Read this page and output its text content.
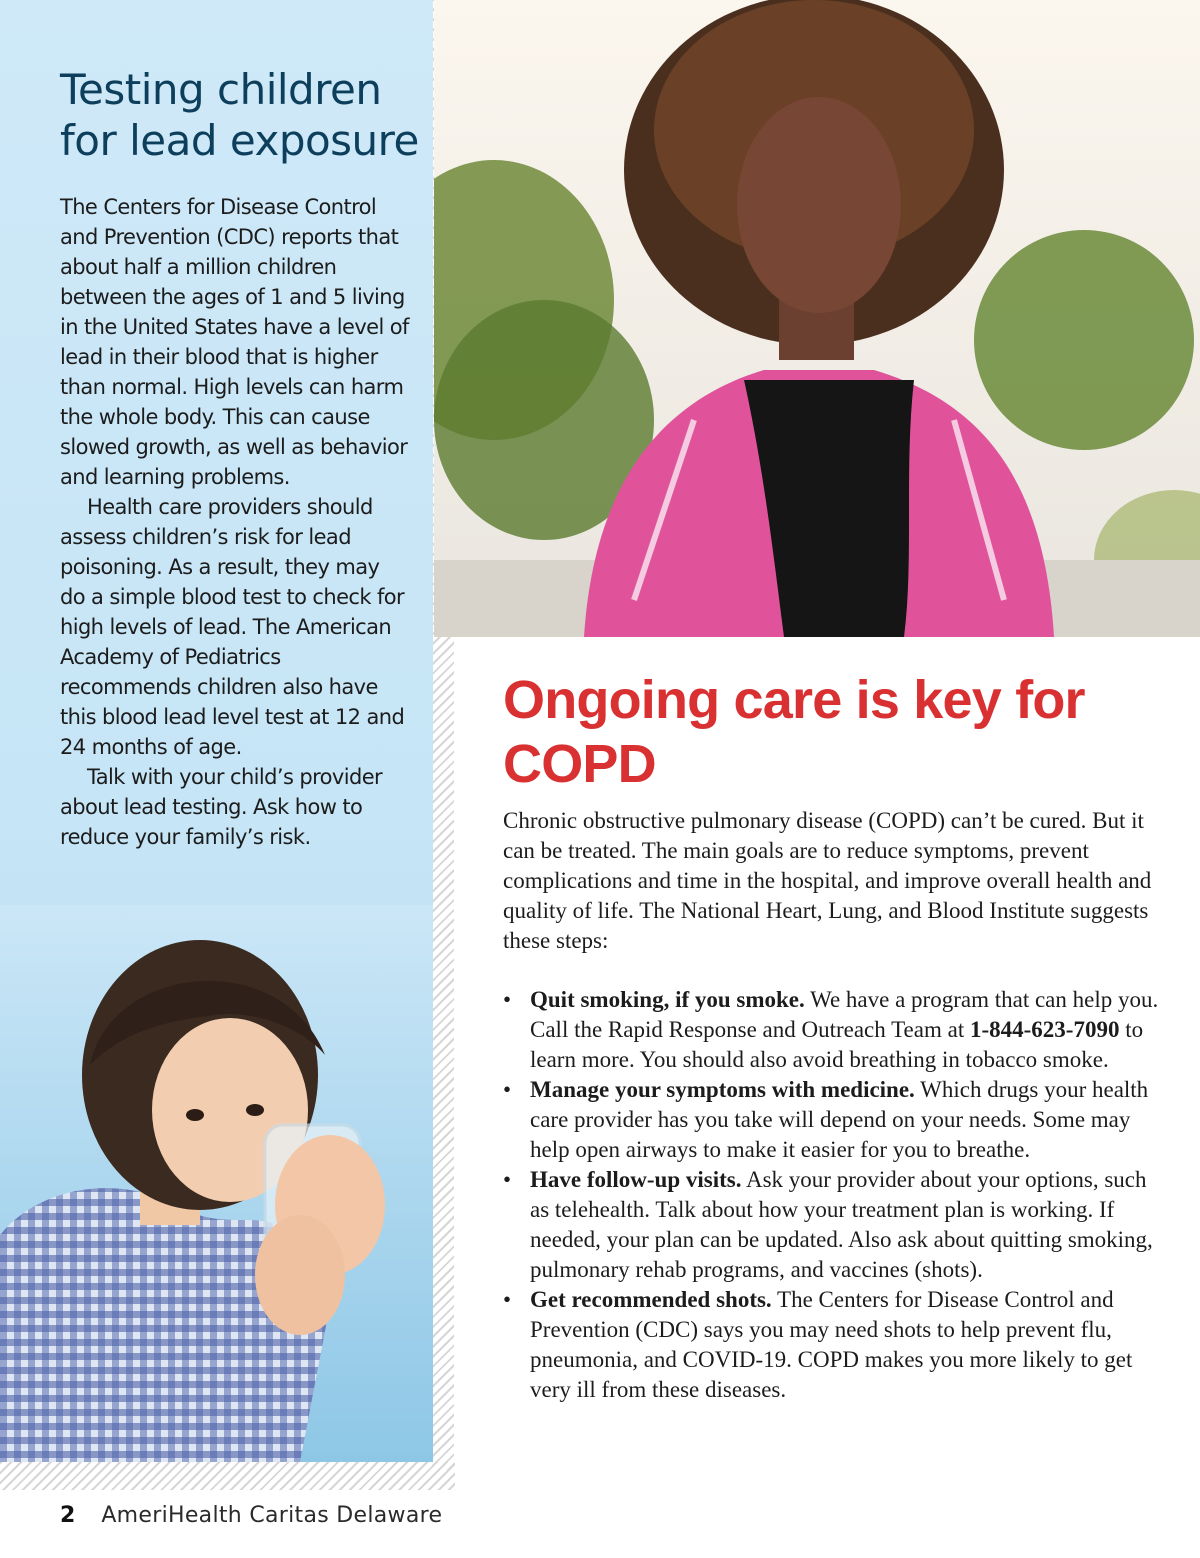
Testing children for lead exposure

The Centers for Disease Control and Prevention (CDC) reports that about half a million children between the ages of 1 and 5 living in the United States have a level of lead in their blood that is higher than normal. High levels can harm the whole body. This can cause slowed growth, as well as behavior and learning problems.

Health care providers should assess children’s risk for lead poisoning. As a result, they may do a simple blood test to check for high levels of lead. The American Academy of Pediatrics recommends children also have this blood lead level test at 12 and 24 months of age.

Talk with your child’s provider about lead testing. Ask how to reduce your family’s risk.

Ongoing care is key for COPD

Chronic obstructive pulmonary disease (COPD) can’t be cured. But it can be treated. The main goals are to reduce symptoms, prevent complications and time in the hospital, and improve overall health and quality of life. The National Heart, Lung, and Blood Institute suggests these steps:

• Quit smoking, if you smoke. We have a program that can help you. Call the Rapid Response and Outreach Team at 1-844-623-7090 to learn more. You should also avoid breathing in tobacco smoke.
• Manage your symptoms with medicine. Which drugs your health care provider has you take will depend on your needs. Some may help open airways to make it easier for you to breathe.
• Have follow-up visits. Ask your provider about your options, such as telehealth. Talk about how your treatment plan is working. If needed, your plan can be updated. Also ask about quitting smoking, pulmonary rehab programs, and vaccines (shots).
• Get recommended shots. The Centers for Disease Control and Prevention (CDC) says you may need shots to help prevent flu, pneumonia, and COVID-19. COPD makes you more likely to get very ill from these diseases.
2 AmeriHealth Caritas Delaware
